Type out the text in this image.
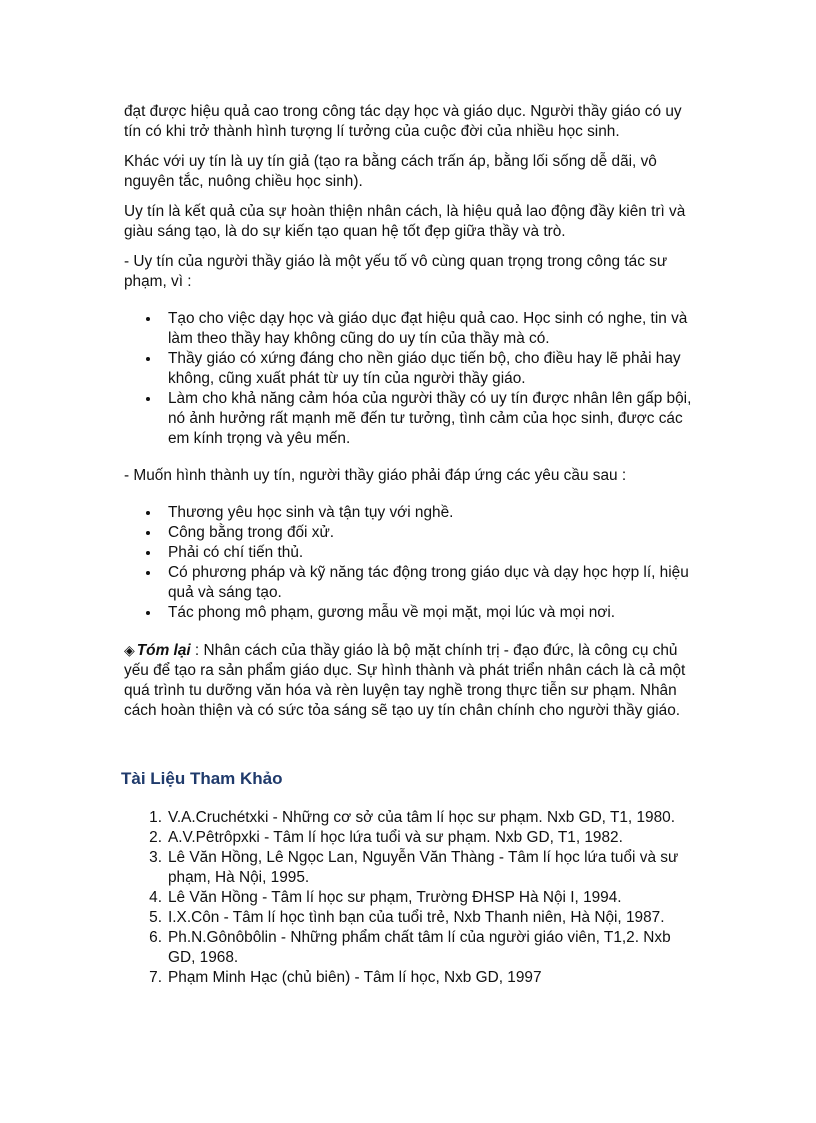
đạt được hiệu quả cao trong công tác dạy học và giáo dục. Người thầy giáo có uy tín có khi trở thành hình tượng lí tưởng của cuộc đời của nhiều học sinh.

Khác với uy tín là uy tín giả (tạo ra bằng cách trấn áp, bằng lối sống dễ dãi, vô nguyên tắc, nuông chiều học sinh).

Uy tín là kết quả của sự hoàn thiện nhân cách, là hiệu quả lao động đầy kiên trì và giàu sáng tạo, là do sự kiến tạo quan hệ tốt đẹp giữa thầy và trò.

- Uy tín của người thầy giáo là một yếu tố vô cùng quan trọng trong công tác sư phạm, vì :

Tạo cho việc dạy học và giáo dục đạt hiệu quả cao. Học sinh có nghe, tin và làm theo thầy hay không cũng do uy tín của thầy mà có.
Thầy giáo có xứng đáng cho nền giáo dục tiến bộ, cho điều hay lẽ phải hay không, cũng xuất phát từ uy tín của người thầy giáo.
Làm cho khả năng cảm hóa của người thầy có uy tín được nhân lên gấp bội, nó ảnh hưởng rất mạnh mẽ đến tư tưởng, tình cảm của học sinh, được các em kính trọng và yêu mến.

- Muốn hình thành uy tín, người thầy giáo phải đáp ứng các yêu cầu sau :

Thương yêu học sinh và tận tụy với nghề.
Công bằng trong đối xử.
Phải có chí tiến thủ.
Có phương pháp và kỹ năng tác động trong giáo dục và dạy học hợp lí, hiệu quả và sáng tạo.
Tác phong mô phạm, gương mẫu về mọi mặt, mọi lúc và mọi nơi.

◈ Tóm lại : Nhân cách của thầy giáo là bộ mặt chính trị - đạo đức, là công cụ chủ yếu để tạo ra sản phẩm giáo dục. Sự hình thành và phát triển nhân cách là cả một quá trình tu dưỡng văn hóa và rèn luyện tay nghề trong thực tiễn sư phạm. Nhân cách hoàn thiện và có sức tỏa sáng sẽ tạo uy tín chân chính cho người thầy giáo.

Tài Liệu Tham Khảo
1. V.A.Cruchétxki - Những cơ sở của tâm lí học sư phạm. Nxb GD, T1, 1980.
2. A.V.Pêtrôpxki - Tâm lí học lứa tuổi và sư phạm. Nxb GD, T1, 1982.
3. Lê Văn Hồng, Lê Ngọc Lan, Nguyễn Văn Thàng - Tâm lí học lứa tuổi và sư phạm, Hà Nội, 1995.
4. Lê Văn Hồng - Tâm lí học sư phạm, Trường ĐHSP Hà Nội I, 1994.
5. I.X.Côn - Tâm lí học tình bạn của tuổi trẻ, Nxb Thanh niên, Hà Nội, 1987.
6. Ph.N.Gônôbôlin - Những phẩm chất tâm lí của người giáo viên, T1,2. Nxb GD, 1968.
7. Phạm Minh Hạc (chủ biên) - Tâm lí học, Nxb GD, 1997
